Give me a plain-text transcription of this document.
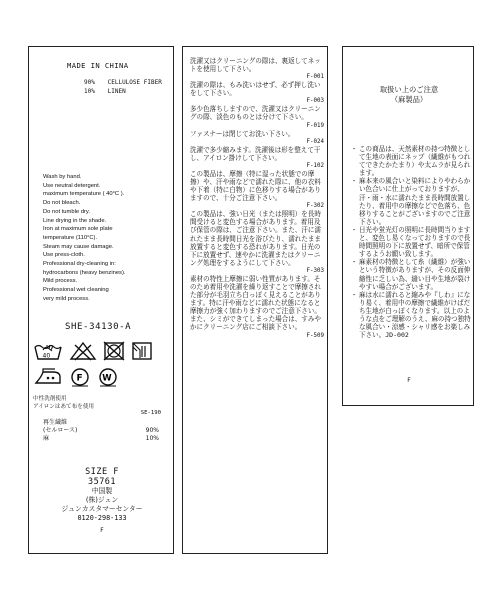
MADE IN CHINA
90% CELLULOSE FIBER
10% LINEN
Wash by hand.
Use neutral detergent.
maximum temperature ( 40°C ).
Do not bleach.
Do not tumble dry.
Line drying in the shade.
Iron at maximum sole plate
temperature (110°C).
Steam may cause damage.
Use press-cloth.
Professional dry-cleaning in:
hydrocarbons (heavy benzines).
Mild process.
Professional wet cleaning
very mild process.
SHE-34130-A
40
F W
中性洗剤使用
アイロンはあて布を使用
SE-190
再生繊維
(セルロース)	90%
麻	10%
SIZE F
35761
中国製
(株)ジュン
ジュンカスタマーセンター
0120-298-133
F
洗濯又はクリーニングの際は、裏返してネットを使用して下さい。
F-001
洗濯の際は、もみ洗いはせず、必ず押し洗いをして下さい。
F-003
多少色落ちしますので、洗濯又はクリーニングの際、淡色のものとは分けて下さい。
F-019
ファスナーは閉じてお洗い下さい。
F-024
洗濯で多少縮みます。洗濯後は形を整えて干し、アイロン掛けして下さい。
F-102
この製品は、摩擦（特に湿った状態での摩擦）や、汗や雨などで濡れた際に、他の衣料や下着（特に白物）に色移りする場合がありますので、十分ご注意下さい。
F-302
この製品は、強い日光（または照明）を長時間受けると変色する場合があります。着用及び保管の際は、ご注意下さい。また、汗に濡れたまま長時間日光を浴びたり、濡れたまま放置すると変色する恐れがあります。日光の下に放置せず、速やかに洗濯またはクリーニング処理をするようにして下さい。
F-303
素材の特性上摩擦に弱い性質があります。そのため着用や洗濯を繰り返すことで摩擦された部分が毛羽立ち白っぽく見えることがあります。特に汗や雨などに濡れた状態になると摩擦力が強く加わりますのでご注意下さい。また、シミができてしまった場合は、すみやかにクリーニング店にご相談下さい。
F-509
取扱い上のご注意
（麻製品）
・ この商品は、天然素材の持つ特徴として生地の表面にネップ（繊維がもつれてできたかたまり）や太ムラが見られます。
・ 麻本来の風合いと染料によりやわらかい色合いに仕上がっておりますが、汗・雨・水に濡れたまま長時間放置したり、着用中の摩擦などで色落ち、色移りすることがございますのでご注意下さい。
・ 日光や蛍光灯の照明に長時間当りますと、変色し易くなっておりますので長時間照明の下に放置せず、暗所で保管するようお願い致します。
・ 麻素材の特徴として糸（繊維）が強いという特徴がありますが、その反面伸縮性に乏しい為、縫い目や生地が裂けやすい場合がございます。
・ 麻は水に濡れると縮みや『しわ』になり易く、着用中の摩擦で繊維がけばだち生地が白っぽくなります。以上のような点をご理解のうえ、麻の持つ独特な風合い・涼感・シャリ感をお楽しみ下さい。JD-002
F
